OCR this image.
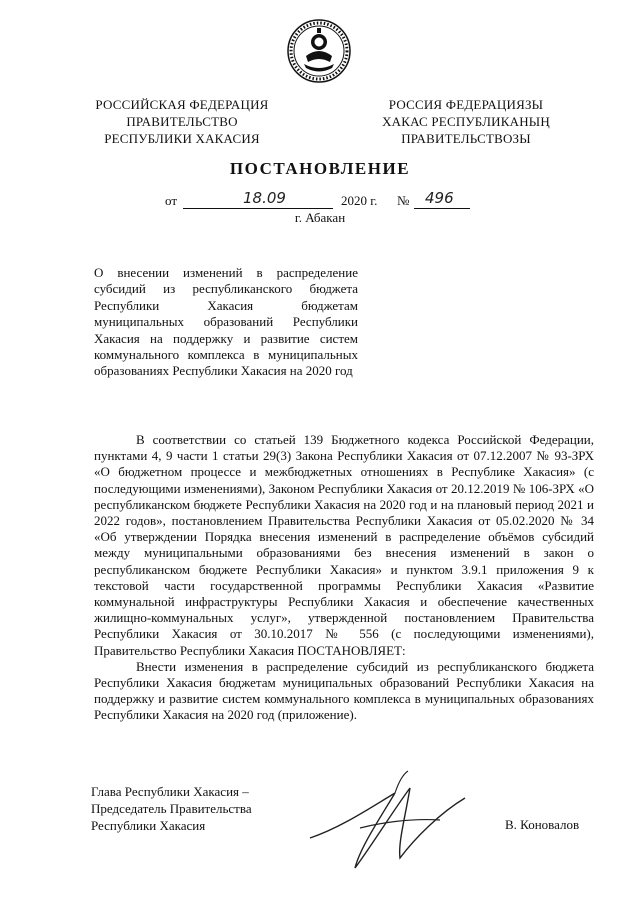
РОССИЙСКАЯ ФЕДЕРАЦИЯ
ПРАВИТЕЛЬСТВО
РЕСПУБЛИКИ ХАКАСИЯ
РОССИЯ ФЕДЕРАЦИЯЗЫ
ХАКАС РЕСПУБЛИКАНЫҢ
ПРАВИТЕЛЬСТВОЗЫ
ПОСТАНОВЛЕНИЕ
от	18.09	2020 г. № 496
г. Абакан
О внесении изменений в распределение субсидий из республиканского бюджета Республики Хакасия бюджетам муниципальных образований Республики Хакасия на поддержку и развитие систем коммунального комплекса в муниципальных образованиях Республики Хакасия на 2020 год

В соответствии со статьей 139 Бюджетного кодекса Российской Федерации, пунктами 4, 9 части 1 статьи 29(3) Закона Республики Хакасия от 07.12.2007 № 93-ЗРХ «О бюджетном процессе и межбюджетных отношениях в Республике Хакасия» (с последующими изменениями), Законом Республики Хакасия от 20.12.2019 № 106-ЗРХ «О республиканском бюджете Республики Хакасия на 2020 год и на плановый период 2021 и 2022 годов», постановлением Правительства Республики Хакасия от 05.02.2020 № 34 «Об утверждении Порядка внесения изменений в распределение объёмов субсидий между муниципальными образованиями без внесения изменений в закон о республиканском бюджете Республики Хакасия» и пунктом 3.9.1 приложения 9 к текстовой части государственной программы Республики Хакасия «Развитие коммунальной инфраструктуры Республики Хакасия и обеспечение качественных жилищно-коммунальных услуг», утвержденной постановлением Правительства Республики Хакасия от 30.10.2017 № 556 (с последующими изменениями), Правительство Республики Хакасия ПОСТАНОВЛЯЕТ:

Внести изменения в распределение субсидий из республиканского бюджета Республики Хакасия бюджетам муниципальных образований Республики Хакасия на поддержку и развитие систем коммунального комплекса в муниципальных образованиях Республики Хакасия на 2020 год (приложение).

Глава Республики Хакасия –
Председатель Правительства
Республики Хакасия	В. Коновалов
